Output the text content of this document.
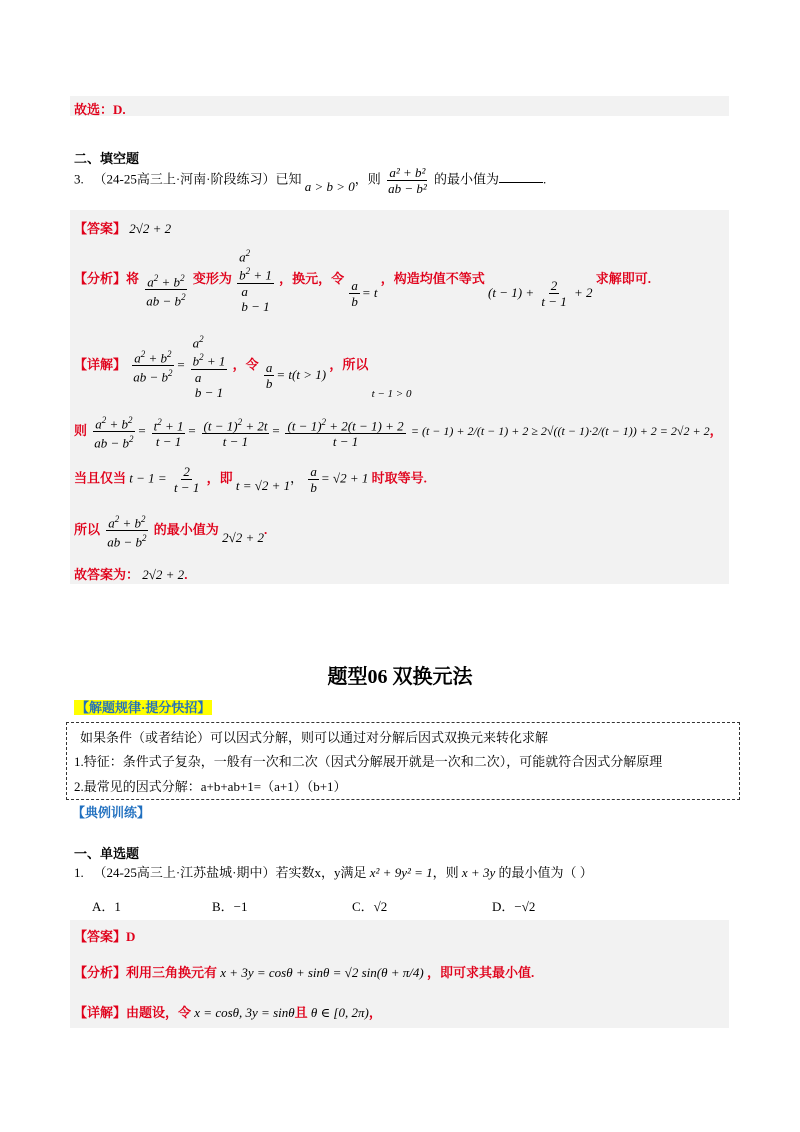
故选：D.
二、填空题
3. （24-25高三上·河南·阶段练习）已知 a > b > 0，则 $\frac{\text{a² + b²}}{\text{ab − b²}}$ 的最小值为	.
【答案】 2√2 + 2
【分析】将 $\frac{a^2 + b^2}{ab - b^2}$ 变形为
$a^2$
$b^2 + 1$
a
b − 1
，换元，令
$\frac{a}{b} = t$ ，构造均值不等式 $(t - 1) + \frac{2}{t - 1} + 2$ 求解即可.
【详解】 $\frac{a^2 + b^2}{ab - b^2}$ =
$a^2$
$b^2 + 1$
a
b − 1
，令 $\frac{a}{b} = t(t > 1)$ ，所以 $_{t - 1 > 0}$
则 $\frac{a^2 + b^2}{ab - b^2} = \frac{t^2 + 1}{t - 1} = \frac{(t - 1)^2 + 2t}{t - 1} = \frac{(t - 1)^2 + 2(t - 1) + 2}{t - 1} = (t - 1) + 2/(t - 1) + 2 \ge 2√((t - 1)\cdot 2/(t - 1)) + 2 = 2√2 + 2$，
当且仅当 $t - 1 = \frac{2}{t - 1}$ ，即 t = √2 + 1， $\frac{a}{b} = √2 + 1$ 时取等号.
所以 $\frac{a^2 + b^2}{ab - b^2}$ 的最小值为 2√2 + 2.
故答案为： 2√2 + 2.
题型06 双换元法
【解题规律·提分快招】
如果条件（或者结论）可以因式分解，则可以通过对分解后因式双换元来转化求解
1.特征：条件式子复杂，一般有一次和二次（因式分解展开就是一次和二次），可能就符合因式分解原理
2.最常见的因式分解：a+b+ab+1=（a+1）（b+1）
【典例训练】
一、单选题
1. （24-25高三上·江苏盐城·期中）若实数x，y满足 x² + 9y² = 1，则 x + 3y 的最小值为（ ）
A．1	B．−1	C．√2	D．−√2
【答案】D
【分析】利用三角换元有 x + 3y = cosθ + sinθ = √2 sin(θ + π/4) ，即可求其最小值.
【详解】由题设，令 x = cosθ, 3y = sinθ且 θ ∈ [0, 2π)，
